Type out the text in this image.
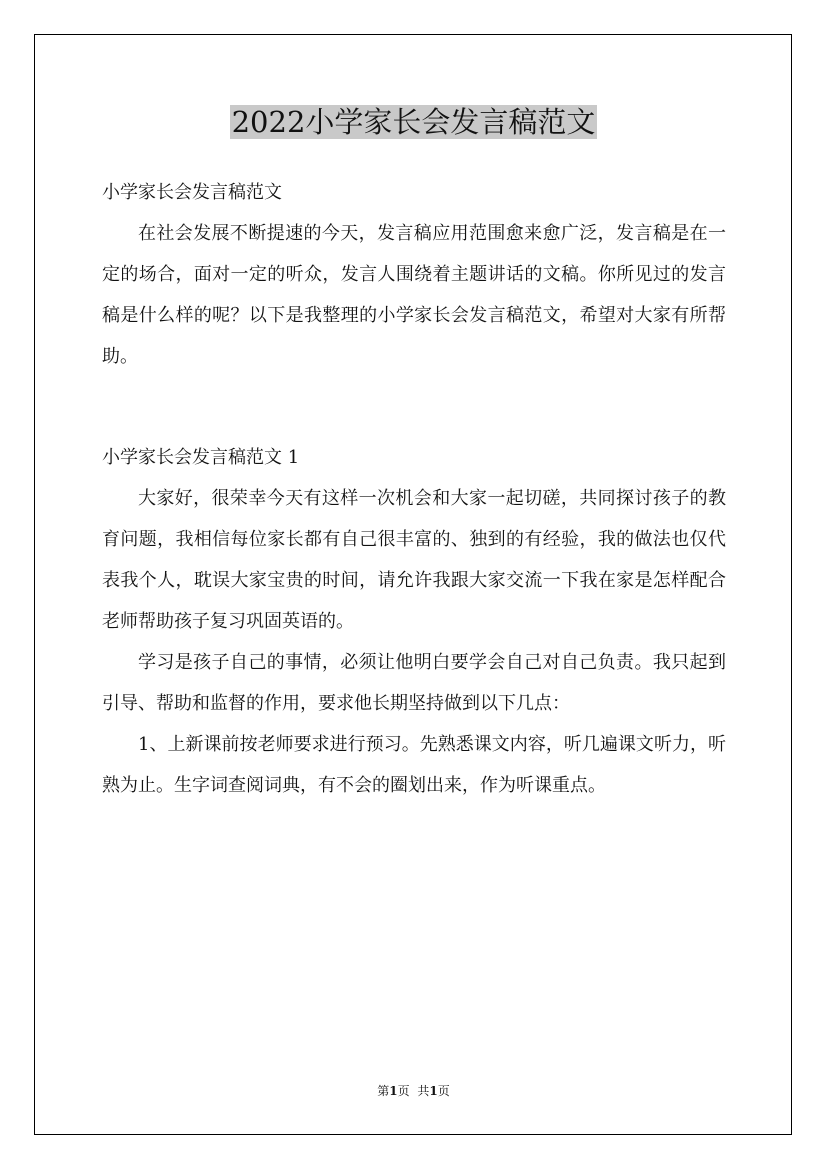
2022小学家长会发言稿范文

小学家长会发言稿范文

在社会发展不断提速的今天，发言稿应用范围愈来愈广泛，发言稿是在一定的场合，面对一定的听众，发言人围绕着主题讲话的文稿。你所见过的发言稿是什么样的呢？以下是我整理的小学家长会发言稿范文，希望对大家有所帮助。

小学家长会发言稿范文 1

大家好，很荣幸今天有这样一次机会和大家一起切磋，共同探讨孩子的教育问题，我相信每位家长都有自己很丰富的、独到的有经验，我的做法也仅代表我个人，耽误大家宝贵的时间，请允许我跟大家交流一下我在家是怎样配合老师帮助孩子复习巩固英语的。

学习是孩子自己的事情，必须让他明白要学会自己对自己负责。我只起到引导、帮助和监督的作用，要求他长期坚持做到以下几点：

1、上新课前按老师要求进行预习。先熟悉课文内容，听几遍课文听力，听熟为止。生字词查阅词典，有不会的圈划出来，作为听课重点。

第1页 共1页
